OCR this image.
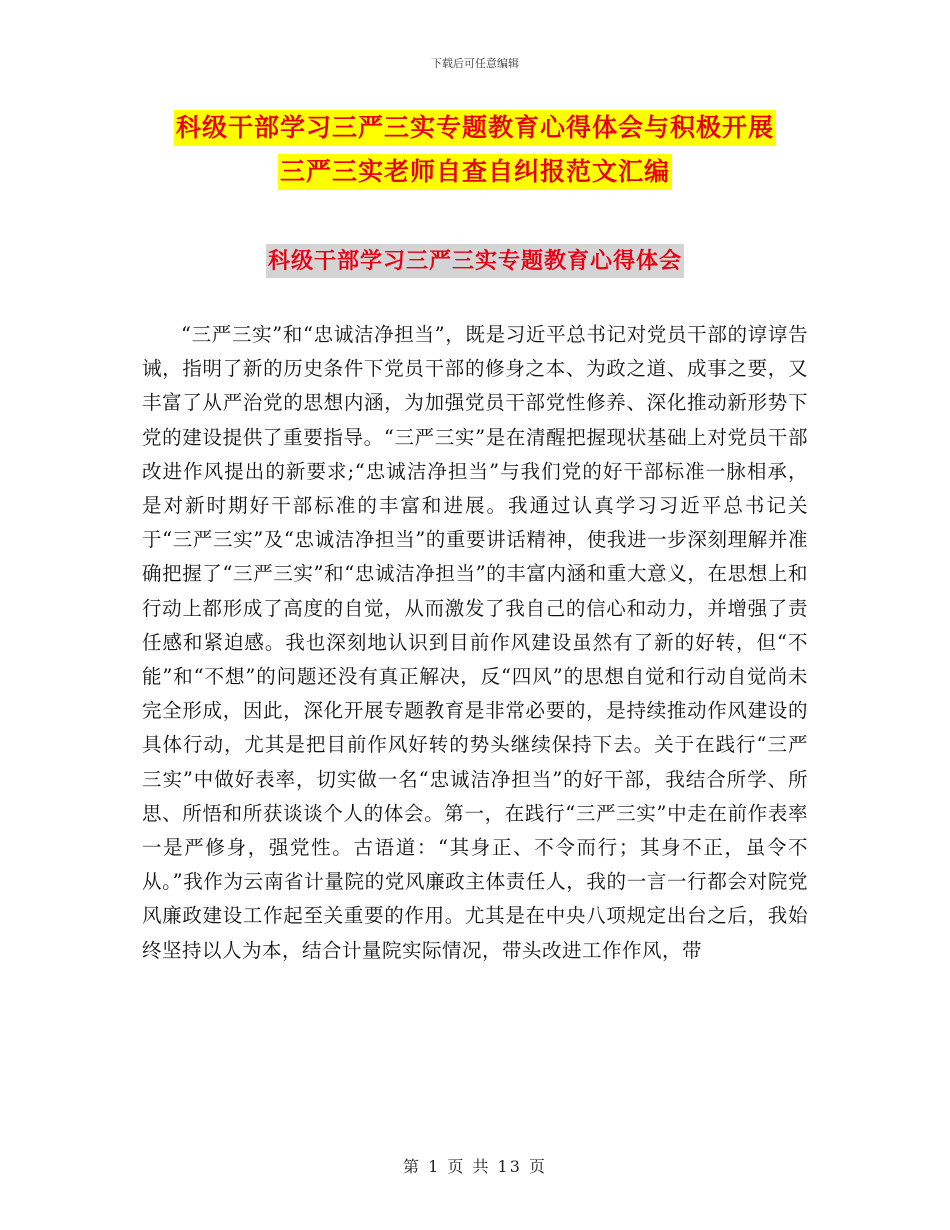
下载后可任意编辑
科级干部学习三严三实专题教育心得体会与积极开展
三严三实老师自查自纠报范文汇编
科级干部学习三严三实专题教育心得体会
“三严三实”和“忠诚洁净担当”，既是习近平总书记对党员干部的谆谆告诫，指明了新的历史条件下党员干部的修身之本、为政之道、成事之要，又丰富了从严治党的思想内涵，为加强党员干部党性修养、深化推动新形势下党的建设提供了重要指导。“三严三实”是在清醒把握现状基础上对党员干部改进作风提出的新要求;“忠诚洁净担当”与我们党的好干部标准一脉相承，是对新时期好干部标准的丰富和进展。我通过认真学习习近平总书记关于“三严三实”及“忠诚洁净担当”的重要讲话精神，使我进一步深刻理解并准确把握了“三严三实”和“忠诚洁净担当”的丰富内涵和重大意义，在思想上和行动上都形成了高度的自觉，从而激发了我自己的信心和动力，并增强了责任感和紧迫感。我也深刻地认识到目前作风建设虽然有了新的好转，但“不能”和“不想”的问题还没有真正解决，反“四风”的思想自觉和行动自觉尚未完全形成，因此，深化开展专题教育是非常必要的，是持续推动作风建设的具体行动，尤其是把目前作风好转的势头继续保持下去。关于在践行“三严三实”中做好表率，切实做一名“忠诚洁净担当”的好干部，我结合所学、所思、所悟和所获谈谈个人的体会。第一，在践行“三严三实”中走在前作表率一是严修身，强党性。古语道：“其身正、不令而行；其身不正，虽令不从。”我作为云南省计量院的党风廉政主体责任人，我的一言一行都会对院党风廉政建设工作起至关重要的作用。尤其是在中央八项规定出台之后，我始终坚持以人为本，结合计量院实际情况，带头改进工作作风，带
第 1 页 共 13 页
